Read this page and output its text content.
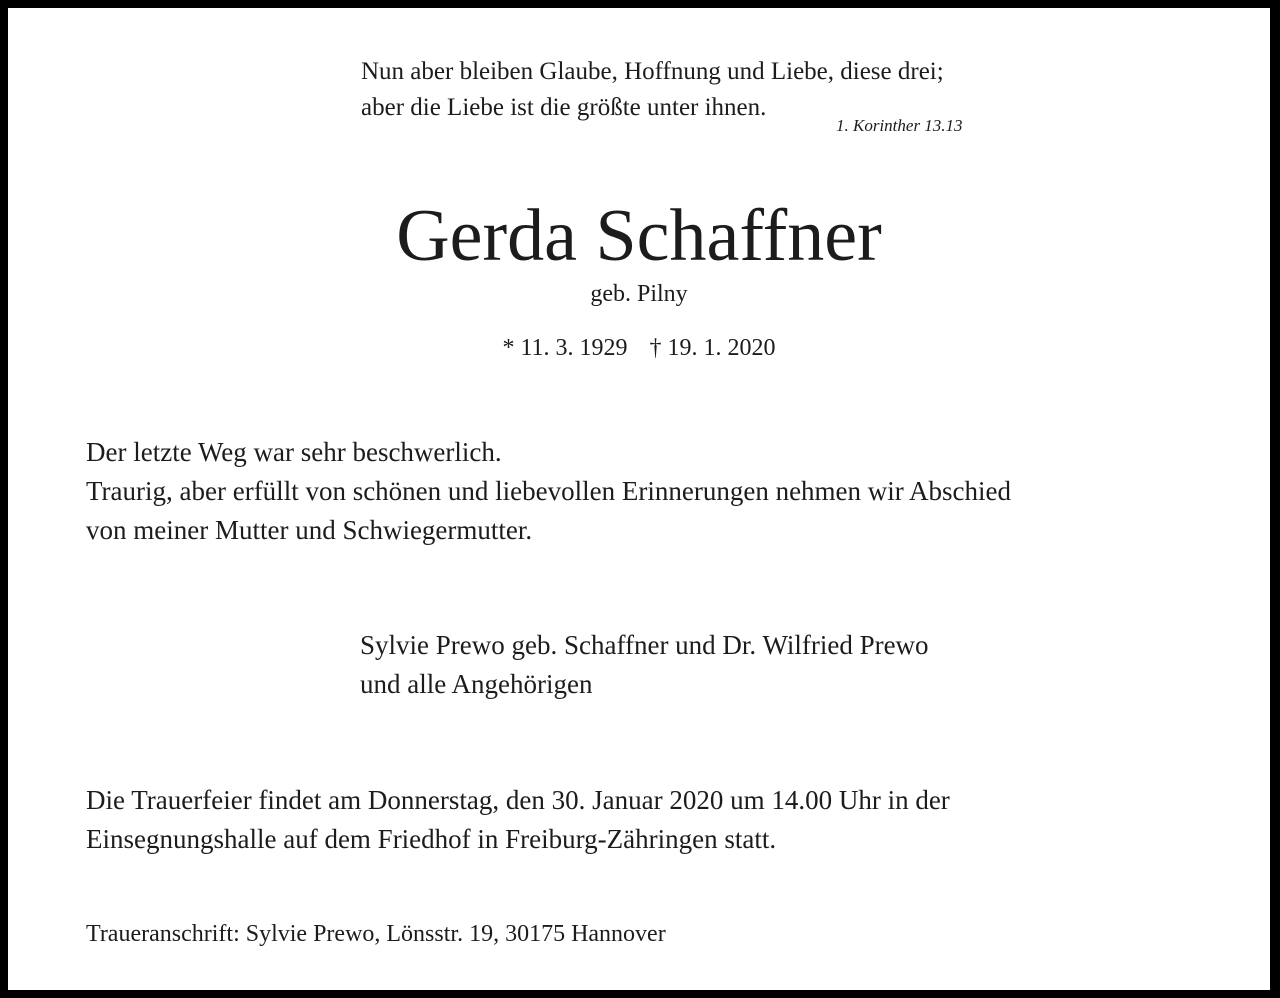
Nun aber bleiben Glaube, Hoffnung und Liebe, diese drei;
aber die Liebe ist die größte unter ihnen.
1. Korinther 13.13
Gerda Schaffner
geb. Pilny
* 11. 3. 1929 † 19. 1. 2020
Der letzte Weg war sehr beschwerlich.
Traurig, aber erfüllt von schönen und liebevollen Erinnerungen nehmen wir Abschied
von meiner Mutter und Schwiegermutter.
Sylvie Prewo geb. Schaffner und Dr. Wilfried Prewo
und alle Angehörigen
Die Trauerfeier findet am Donnerstag, den 30. Januar 2020 um 14.00 Uhr in der
Einsegnungshalle auf dem Friedhof in Freiburg-Zähringen statt.
Traueranschrift: Sylvie Prewo, Lönsstr. 19, 30175 Hannover
